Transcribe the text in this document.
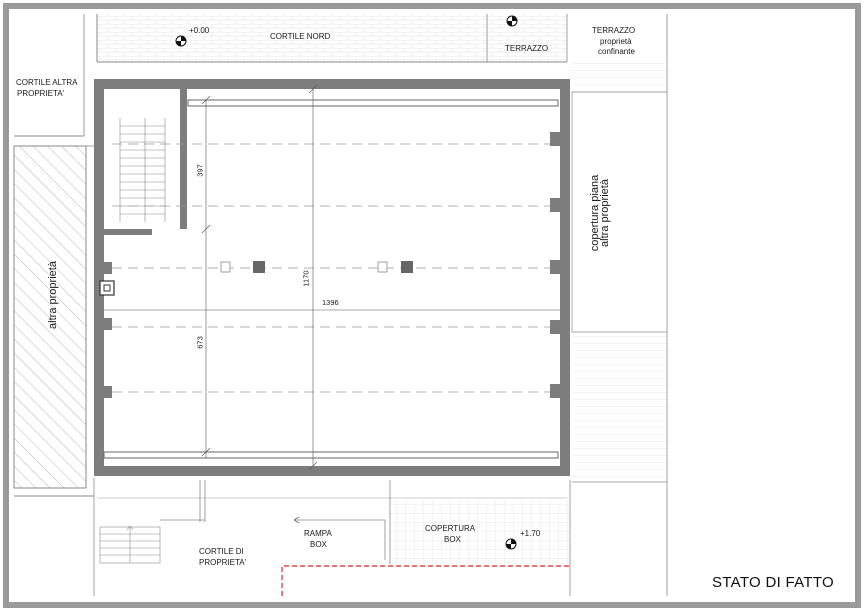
+0.00
CORTILE NORD
TERRAZZO
TERRAZZO
proprietà
confinante
CORTILE ALTRA
PROPRIETA'
altra proprietà
copertura piana
altra proprietà
397
1170
1396
673
RAMPA
BOX
COPERTURA
BOX
+1.70
CORTILE DI
PROPRIETA'
STATO DI FATTO
